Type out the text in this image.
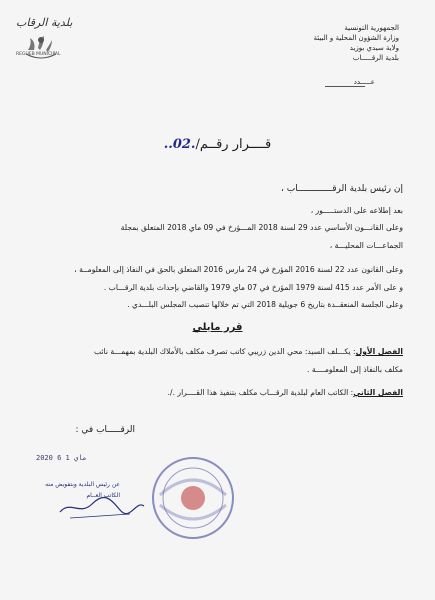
الجمهورية التونسية
وزارة الشؤون المحلية و البيئة
ولاية سيدي بوزيد
بلدية الرقـــــاب
عـــــدد
بلدية الرقاب
REGUEB MUNICIPAL
قــــرار رقــم/.02..
إن رئيس بلدية الرقـــــــــــــاب ،
بعد إطلاعه على الدستـــــور ،
وعلى القانـــون الأساسي عدد 29 لسنة 2018 المـــؤرخ في 09 ماي 2018 المتعلق بمجلة
الجماعـــات المحليـــة ،
وعلى القانون عدد 22 لسنة 2016 المؤرخ في 24 مارس 2016 المتعلق بالحق في النفاذ إلى المعلومــة ،
و على الأمر عدد 415 لسنة 1979 المؤرخ في 07 ماي 1979 والقاضي بإحداث بلدية الرقـــاب .
وعلى الجلسة المنعقــدة بتاريخ 6 جويلية 2018 التي تم خلالها تنصيب المجلس البلـــدي .
قرر مايلي
الفصل الأول: يكـــلف السيد: محي الدين زريبي كاتب تصرف مكلف بالأملاك البلدية بمهمـــة نائب
مكلف بالنفاذ إلى المعلومــــة .
الفصل الثاني: الكاتب العام لبلدية الرقـــاب مكلف بتنفيذ هذا القــــرار ./.
الرقـــــاب في :
2020 ماي 1 6
عن رئيس البلدية وبتفويض منه
الكاتب العــام
